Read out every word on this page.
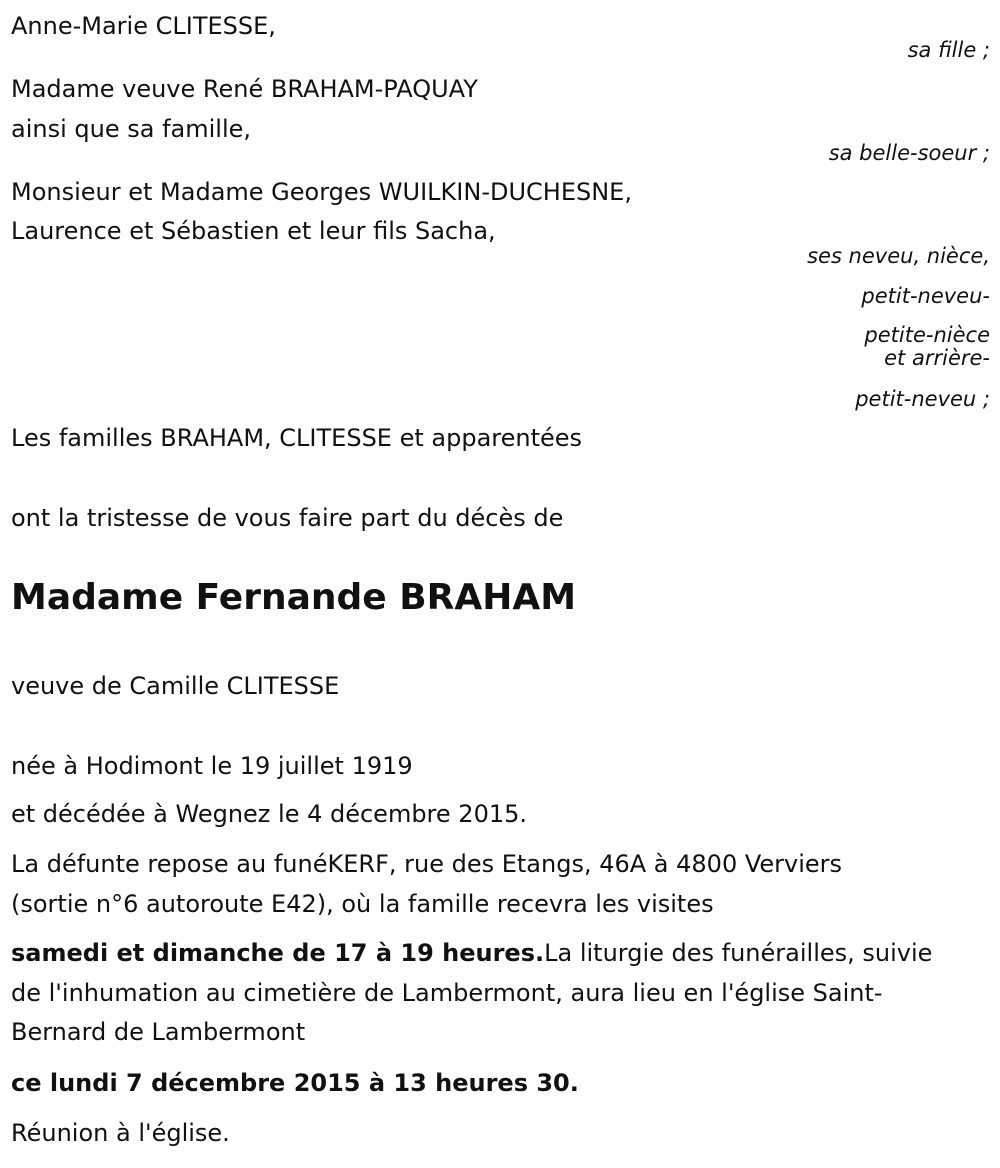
Anne-Marie CLITESSE,

sa fille ;

Madame veuve René BRAHAM-PAQUAY

ainsi que sa famille,

sa belle-soeur ;

Monsieur et Madame Georges WUILKIN-DUCHESNE,

Laurence et Sébastien et leur fils Sacha,

ses neveu, nièce,

petit-neveu-

petite-nièce

et arrière-

petit-neveu ;

Les familles BRAHAM, CLITESSE et apparentées

ont la tristesse de vous faire part du décès de

Madame Fernande BRAHAM

veuve de Camille CLITESSE

née à Hodimont le 19 juillet 1919

et décédée à Wegnez le 4 décembre 2015.

La défunte repose au funéKERF, rue des Etangs, 46A à 4800 Verviers

(sortie n°6 autoroute E42), où la famille recevra les visites

samedi et dimanche de 17 à 19 heures.La liturgie des funérailles, suivie

de l'inhumation au cimetière de Lambermont, aura lieu en l'église Saint-

Bernard de Lambermont

ce lundi 7 décembre 2015 à 13 heures 30.

Réunion à l'église.
